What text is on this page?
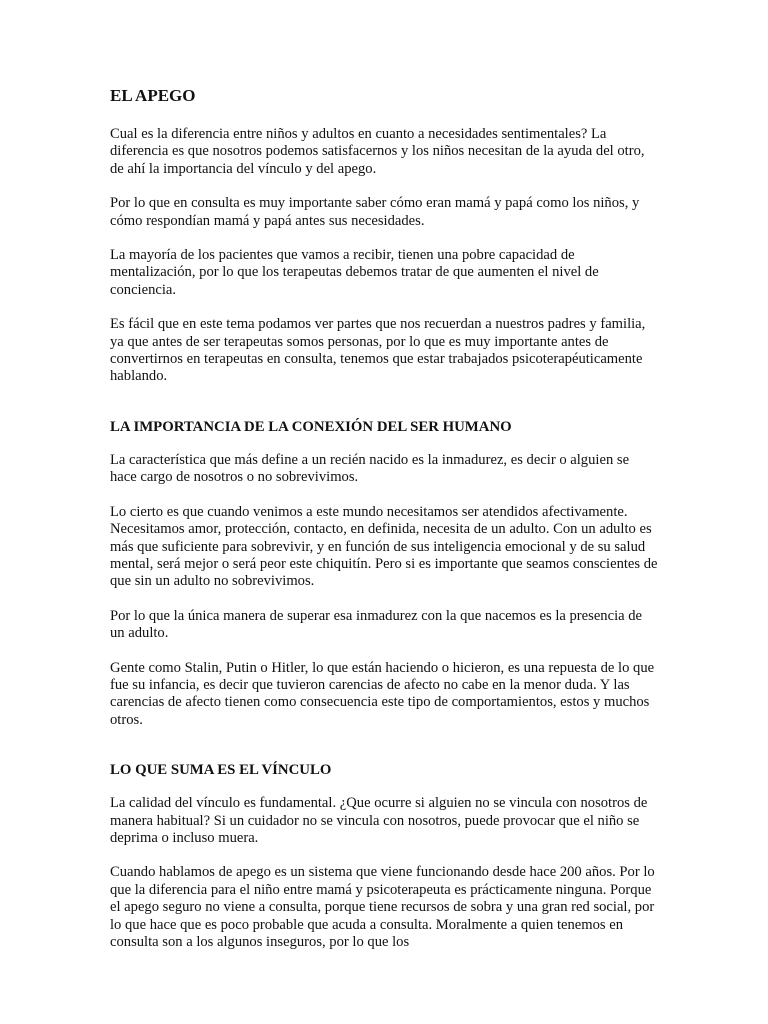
EL APEGO

Cual es la diferencia entre niños y adultos en cuanto a necesidades sentimentales? La diferencia es que nosotros podemos satisfacernos y los niños necesitan de la ayuda del otro, de ahí la importancia del vínculo y del apego.

Por lo que en consulta es muy importante saber cómo eran mamá y papá como los niños, y cómo respondían mamá y papá antes sus necesidades.

La mayoría de los pacientes que vamos a recibir, tienen una pobre capacidad de mentalización, por lo que los terapeutas debemos tratar de que aumenten el nivel de conciencia.

Es fácil que en este tema podamos ver partes que nos recuerdan a nuestros padres y familia, ya que antes de ser terapeutas somos personas, por lo que es muy importante antes de convertirnos en terapeutas en consulta, tenemos que estar trabajados psicoterapéuticamente hablando.

LA IMPORTANCIA DE LA CONEXIÓN DEL SER HUMANO

La característica que más define a un recién nacido es la inmadurez, es decir o alguien se hace cargo de nosotros o no sobrevivimos.

Lo cierto es que cuando venimos a este mundo necesitamos ser atendidos afectivamente. Necesitamos amor, protección, contacto, en definida, necesita de un adulto. Con un adulto es más que suficiente para sobrevivir, y en función de sus inteligencia emocional y de su salud mental, será mejor o será peor este chiquitín. Pero si es importante que seamos conscientes de que sin un adulto no sobrevivimos.

Por lo que la única manera de superar esa inmadurez con la que nacemos es la presencia de un adulto.

Gente como Stalin, Putin o Hitler, lo que están haciendo o hicieron, es una repuesta de lo que fue su infancia, es decir que tuvieron carencias de afecto no cabe en la menor duda. Y las carencias de afecto tienen como consecuencia este tipo de comportamientos, estos y muchos otros.

LO QUE SUMA ES EL VÍNCULO

La calidad del vínculo es fundamental. ¿Que ocurre si alguien no se vincula con nosotros de manera habitual? Si un cuidador no se vincula con nosotros, puede provocar que el niño se deprima o incluso muera.

Cuando hablamos de apego es un sistema que viene funcionando desde hace 200 años. Por lo que la diferencia para el niño entre mamá y psicoterapeuta es prácticamente ninguna. Porque el apego seguro no viene a consulta, porque tiene recursos de sobra y una gran red social, por lo que hace que es poco probable que acuda a consulta. Moralmente a quien tenemos en consulta son a los algunos inseguros, por lo que los
